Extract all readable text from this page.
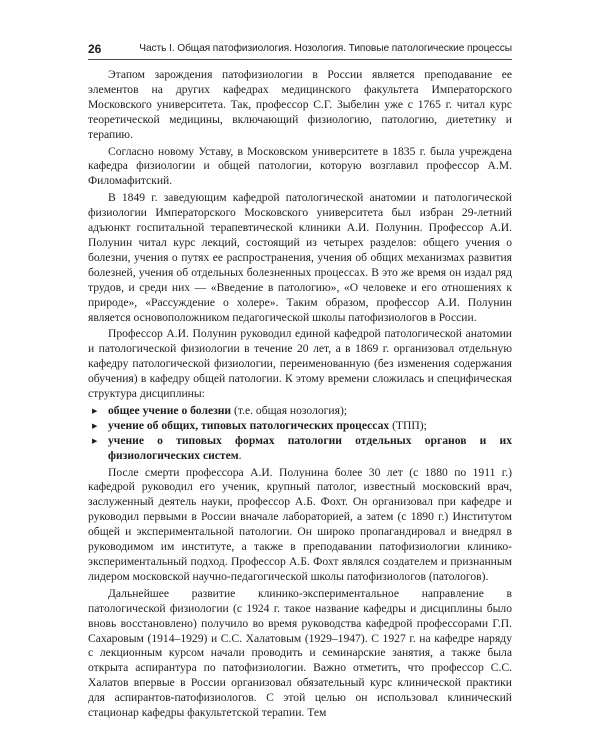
26	Часть I. Общая патофизиология. Нозология. Типовые патологические процессы

Этапом зарождения патофизиологии в России является преподавание ее элементов на других кафедрах медицинского факультета Императорского Московского университета. Так, профессор С.Г. Зыбелин уже с 1765 г. читал курс теоретической медицины, включающий физиологию, патологию, диететику и терапию.

Согласно новому Уставу, в Московском университете в 1835 г. была учреждена кафедра физиологии и общей патологии, которую возглавил профессор А.М. Филомафитский.

В 1849 г. заведующим кафедрой патологической анатомии и патологической физиологии Императорского Московского университета был избран 29-летний адъюнкт госпитальной терапевтической клиники А.И. Полунин. Профессор А.И. Полунин читал курс лекций, состоящий из четырех разделов: общего учения о болезни, учения о путях ее распространения, учения об общих механизмах развития болезней, учения об отдельных болезненных процессах. В это же время он издал ряд трудов, и среди них — «Введение в патологию», «О человеке и его отношениях к природе», «Рассуждение о холере». Таким образом, профессор А.И. Полунин является основоположником педагогической школы патофизиологов в России.

Профессор А.И. Полунин руководил единой кафедрой патологической анатомии и патологической физиологии в течение 20 лет, а в 1869 г. организовал отдельную кафедру патологической физиологии, переименованную (без изменения содержания обучения) в кафедру общей патологии. К этому времени сложилась и специфическая структура дисциплины:

▶ общее учение о болезни (т.е. общая нозология);
▶ учение об общих, типовых патологических процессах (ТПП);
▶ учение о типовых формах патологии отдельных органов и их физиологических систем.

После смерти профессора А.И. Полунина более 30 лет (с 1880 по 1911 г.) кафедрой руководил его ученик, крупный патолог, известный московский врач, заслуженный деятель науки, профессор А.Б. Фохт. Он организовал при кафедре и руководил первыми в России вначале лабораторией, а затем (с 1890 г.) Институтом общей и экспериментальной патологии. Он широко пропагандировал и внедрял в руководимом им институте, а также в преподавании патофизиологии клинико-экспериментальный подход. Профессор А.Б. Фохт являлся создателем и признанным лидером московской научно-педагогической школы патофизиологов (патологов).

Дальнейшее развитие клинико-экспериментальное направление в патологической физиологии (с 1924 г. такое название кафедры и дисциплины было вновь восстановлено) получило во время руководства кафедрой профессорами Г.П. Сахаровым (1914–1929) и С.С. Халатовым (1929–1947). С 1927 г. на кафедре наряду с лекционным курсом начали проводить и семинарские занятия, а также была открыта аспирантура по патофизиологии. Важно отметить, что профессор С.С. Халатов впервые в России организовал обязательный курс клинической практики для аспирантов-патофизиологов. С этой целью он использовал клинический стационар кафедры факультетской терапии. Тем
